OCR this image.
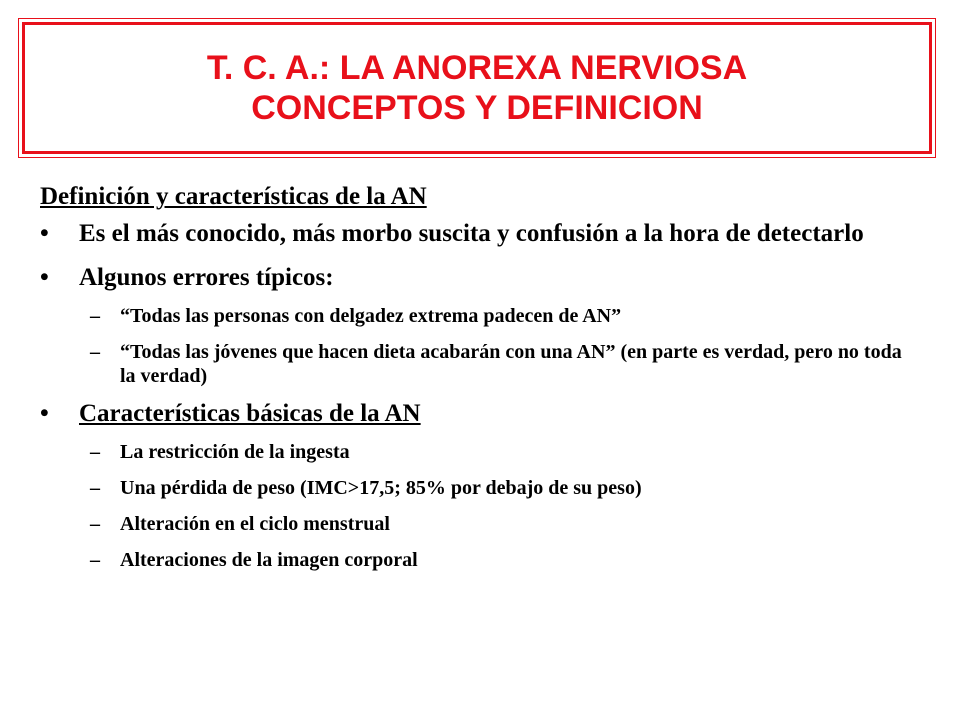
T. C. A.: LA ANOREXA NERVIOSA
CONCEPTOS Y DEFINICION
Definición y características de la AN
• Es el más conocido, más morbo suscita y confusión a la hora de detectarlo
• Algunos errores típicos:
– “Todas las personas con delgadez extrema padecen de AN”
– “Todas las jóvenes que hacen dieta acabarán con una AN” (en parte es verdad, pero no toda la verdad)
• Características básicas de la AN
– La restricción de la ingesta
– Una pérdida de peso (IMC>17,5; 85% por debajo de su peso)
– Alteración en el ciclo menstrual
– Alteraciones de la imagen corporal
